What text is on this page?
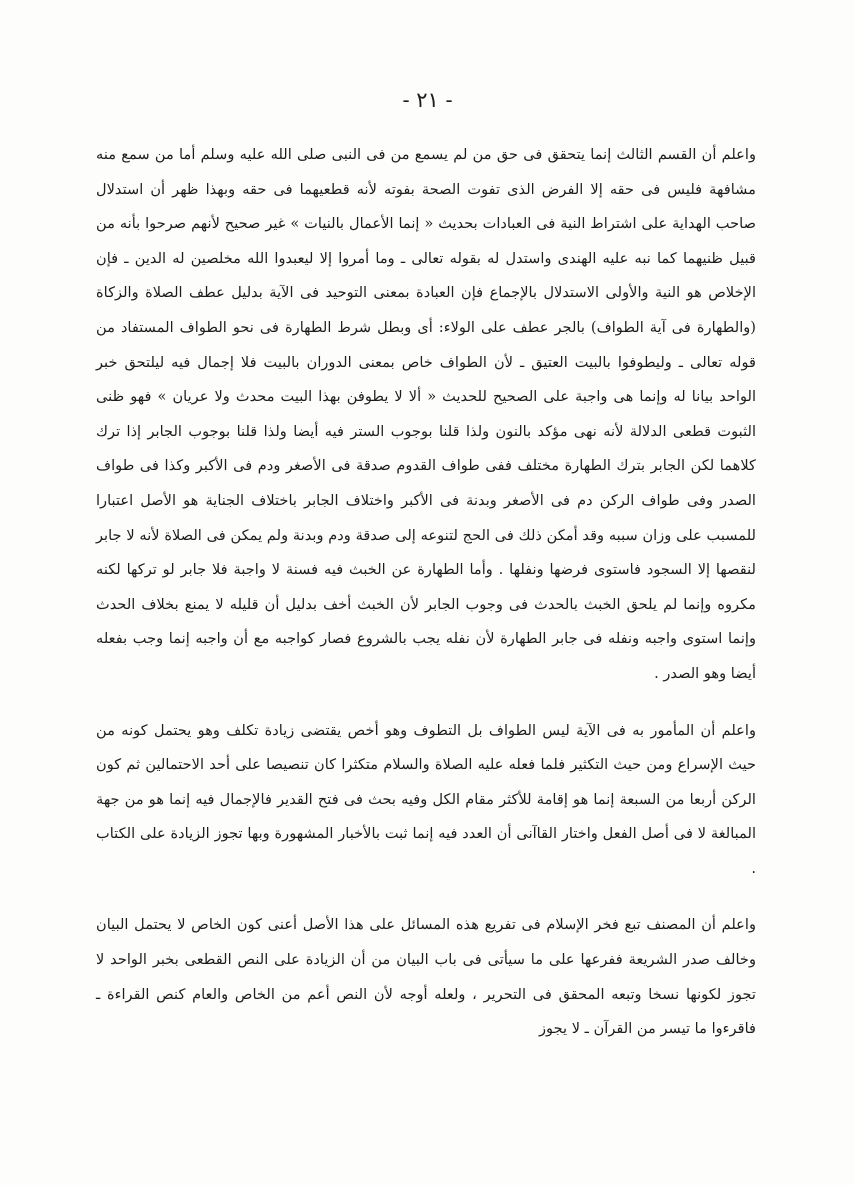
- ٢١ -

واعلم أن القسم الثالث إنما يتحقق فى حق من لم يسمع من فى النبى صلى الله عليه وسلم أما من سمع منه مشافهة فليس فى حقه إلا الفرض الذى تفوت الصحة بفوته لأنه قطعيهما فى حقه وبهذا ظهر أن استدلال صاحب الهداية على اشتراط النية فى العبادات بحديث « إنما الأعمال بالنيات » غير صحيح لأنهم صرحوا بأنه من قبيل ظنيهما كما نبه عليه الهندى واستدل له بقوله تعالى ـ وما أمروا إلا ليعبدوا الله مخلصين له الدين ـ فإن الإخلاص هو النية والأولى الاستدلال بالإجماع فإن العبادة بمعنى التوحيد فى الآية بدليل عطف الصلاة والزكاة (والطهارة فى آية الطواف) بالجر عطف على الولاء: أى وبطل شرط الطهارة فى نحو الطواف المستفاد من قوله تعالى ـ وليطوفوا بالبيت العتيق ـ لأن الطواف خاص بمعنى الدوران بالبيت فلا إجمال فيه ليلتحق خبر الواحد بيانا له وإنما هى واجبة على الصحيح للحديث « ألا لا يطوفن بهذا البيت محدث ولا عريان » فهو ظنى الثبوت قطعى الدلالة لأنه نهى مؤكد بالنون ولذا قلنا بوجوب الستر فيه أيضا ولذا قلنا بوجوب الجابر إذا ترك كلاهما لكن الجابر بترك الطهارة مختلف ففى طواف القدوم صدقة فى الأصغر ودم فى الأكبر وكذا فى طواف الصدر وفى طواف الركن دم فى الأصغر وبدنة فى الأكبر واختلاف الجابر باختلاف الجناية هو الأصل اعتبارا للمسبب على وزان سببه وقد أمكن ذلك فى الحج لتنوعه إلى صدقة ودم وبدنة ولم يمكن فى الصلاة لأنه لا جابر لنقصها إلا السجود فاستوى فرضها ونفلها . وأما الطهارة عن الخبث فيه فسنة لا واجبة فلا جابر لو تركها لكنه مكروه وإنما لم يلحق الخبث بالحدث فى وجوب الجابر لأن الخبث أخف بدليل أن قليله لا يمنع بخلاف الحدث وإنما استوى واجبه ونفله فى جابر الطهارة لأن نفله يجب بالشروع فصار كواجبه مع أن واجبه إنما وجب بفعله أيضا وهو الصدر .

واعلم أن المأمور به فى الآية ليس الطواف بل التطوف وهو أخص يقتضى زيادة تكلف وهو يحتمل كونه من حيث الإسراع ومن حيث التكثير فلما فعله عليه الصلاة والسلام متكثرا كان تنصيصا على أحد الاحتمالين ثم كون الركن أربعا من السبعة إنما هو إقامة للأكثر مقام الكل وفيه بحث فى فتح القدير فالإجمال فيه إنما هو من جهة المبالغة لا فى أصل الفعل واختار القاآنى أن العدد فيه إنما ثبت بالأخبار المشهورة وبها تجوز الزيادة على الكتاب .

واعلم أن المصنف تبع فخر الإسلام فى تفريع هذه المسائل على هذا الأصل أعنى كون الخاص لا يحتمل البيان وخالف صدر الشريعة ففرعها على ما سيأتى فى باب البيان من أن الزيادة على النص القطعى بخبر الواحد لا تجوز لكونها نسخا وتبعه المحقق فى التحرير ، ولعله أوجه لأن النص أعم من الخاص والعام كنص القراءة ـ فاقرءوا ما تيسر من القرآن ـ لا يجوز
